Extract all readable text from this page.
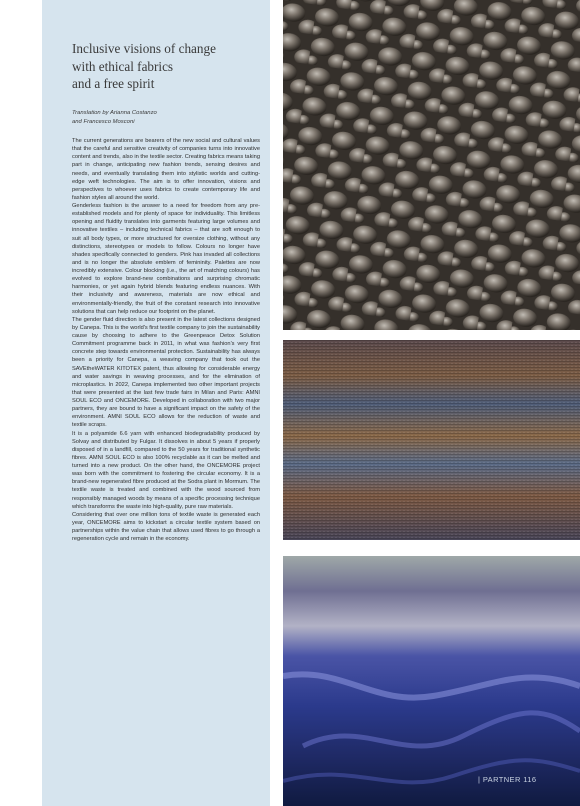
Inclusive visions of change
with ethical fabrics
and a free spirit
Translation by Arianna Costanzo
and Francesco Mosconi

The current generations are bearers of the new social and cultural values that the careful and sensitive creativity of companies turns into innovative content and trends, also in the textile sector. Creating fabrics means taking part in change, anticipating new fashion trends, sensing desires and needs, and eventually translating them into stylistic worlds and cutting-edge weft technologies. The aim is to offer innovation, visions and perspectives to whoever uses fabrics to create contemporary life and fashion styles all around the world.

Genderless fashion is the answer to a need for freedom from any pre-established models and for plenty of space for individuality. This limitless opening and fluidity translates into garments featuring large volumes and innovative textiles – including technical fabrics – that are soft enough to suit all body types, or more structured for oversize clothing, without any distinctions, stereotypes or models to follow. Colours no longer have shades specifically connected to genders. Pink has invaded all collections and is no longer the absolute emblem of femininity. Palettes are now incredibly extensive. Colour blocking (i.e., the art of matching colours) has evolved to explore brand-new combinations and surprising chromatic harmonies, or yet again hybrid blends featuring endless nuances. With their inclusivity and awareness, materials are now ethical and environmentally-friendly, the fruit of the constant research into innovative solutions that can help reduce our footprint on the planet.

The gender fluid direction is also present in the latest collections designed by Canepa. This is the world's first textile company to join the sustainability cause by choosing to adhere to the Greenpeace Detox Solution Commitment programme back in 2011, in what was fashion's very first concrete step towards environmental protection. Sustainability has always been a priority for Canepa, a weaving company that took out the SAVEtheWATER KITOTEX patent, thus allowing for considerable energy and water savings in weaving processes, and for the elimination of microplastics. In 2022, Canepa implemented two other important projects that were presented at the last few trade fairs in Milan and Paris: AMNI SOUL ECO and ONCEMORE. Developed in collaboration with two major partners, they are bound to have a significant impact on the safety of the environment. AMNI SOUL ECO allows for the reduction of waste and textile scraps.

It is a polyamide 6.6 yarn with enhanced biodegradability produced by Solvay and distributed by Fulgar. It dissolves in about 5 years if properly disposed of in a landfill, compared to the 50 years for traditional synthetic fibres. AMNI SOUL ECO is also 100% recyclable as it can be melted and turned into a new product. On the other hand, the ONCEMORE project was born with the commitment to fostering the circular economy. It is a brand-new regenerated fibre produced at the Sodra plant in Mormum. The textile waste is treated and combined with the wood sourced from responsibly managed woods by means of a specific processing technique which transforms the waste into high-quality, pure raw materials.

Considering that over one million tons of textile waste is generated each year, ONCEMORE aims to kickstart a circular textile system based on partnerships within the value chain that allows used fibres to go through a regeneration cycle and remain in the economy.

| PARTNER 116
